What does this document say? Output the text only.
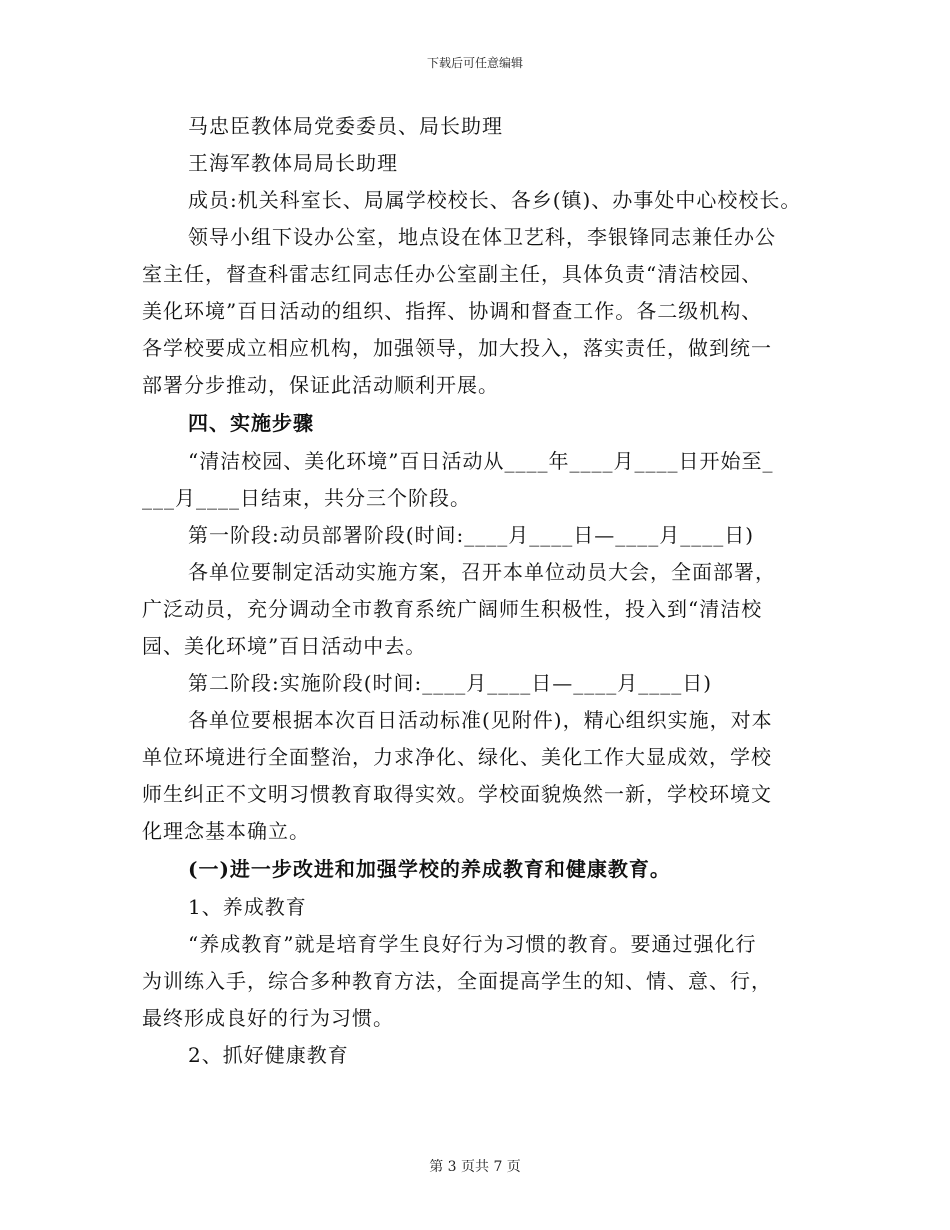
下载后可任意编辑
马忠臣教体局党委委员、局长助理
王海军教体局局长助理
成员:机关科室长、局属学校校长、各乡(镇)、办事处中心校校长。
领导小组下设办公室，地点设在体卫艺科，李银锋同志兼任办公
室主任，督查科雷志红同志任办公室副主任，具体负责“清洁校园、
美化环境”百日活动的组织、指挥、协调和督查工作。各二级机构、
各学校要成立相应机构，加强领导，加大投入，落实责任，做到统一
部署分步推动，保证此活动顺利开展。
四、实施步骤
“清洁校园、美化环境”百日活动从____年____月____日开始至_
___月____日结束，共分三个阶段。
第一阶段:动员部署阶段(时间:____月____日—____月____日)
各单位要制定活动实施方案，召开本单位动员大会，全面部署，
广泛动员，充分调动全市教育系统广阔师生积极性，投入到“清洁校
园、美化环境”百日活动中去。
第二阶段:实施阶段(时间:____月____日—____月____日)
各单位要根据本次百日活动标准(见附件)，精心组织实施，对本
单位环境进行全面整治，力求净化、绿化、美化工作大显成效，学校
师生纠正不文明习惯教育取得实效。学校面貌焕然一新，学校环境文
化理念基本确立。
(一)进一步改进和加强学校的养成教育和健康教育。
1、养成教育
“养成教育”就是培育学生良好行为习惯的教育。要通过强化行
为训练入手，综合多种教育方法，全面提高学生的知、情、意、行，
最终形成良好的行为习惯。
2、抓好健康教育
第 3 页共 7 页
